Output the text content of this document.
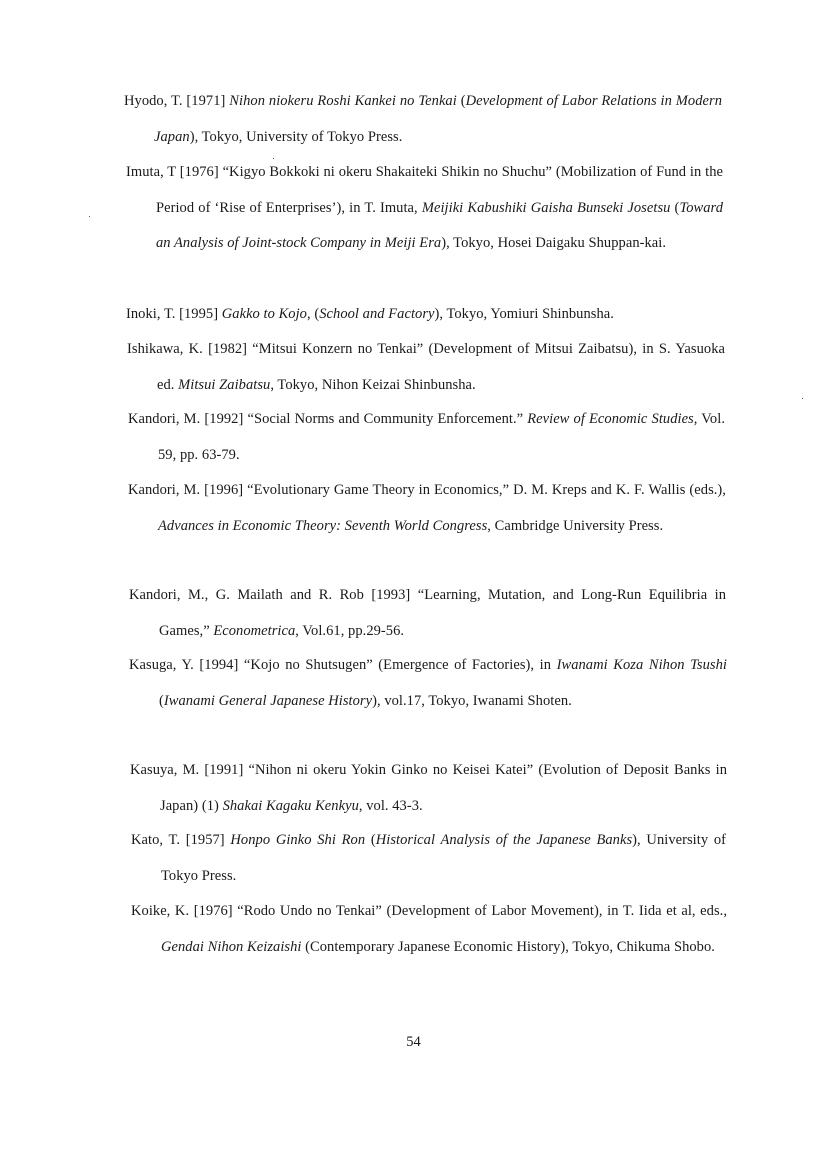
Hyodo, T. [1971] Nihon niokeru Roshi Kankei no Tenkai (Development of Labor Relations in Modern Japan), Tokyo, University of Tokyo Press.
Imuta, T [1976] “Kigyo Bokkoki ni okeru Shakaiteki Shikin no Shuchu” (Mobilization of Fund in the Period of ‘Rise of Enterprises’), in T. Imuta, Meijiki Kabushiki Gaisha Bunseki Josetsu (Toward an Analysis of Joint-stock Company in Meiji Era), Tokyo, Hosei Daigaku Shuppan-kai.
Inoki, T. [1995] Gakko to Kojo, (School and Factory), Tokyo, Yomiuri Shinbunsha.
Ishikawa, K. [1982] “Mitsui Konzern no Tenkai” (Development of Mitsui Zaibatsu), in S. Yasuoka ed. Mitsui Zaibatsu, Tokyo, Nihon Keizai Shinbunsha.
Kandori, M. [1992] “Social Norms and Community Enforcement.” Review of Economic Studies, Vol. 59, pp. 63-79.
Kandori, M. [1996] “Evolutionary Game Theory in Economics,” D. M. Kreps and K. F. Wallis (eds.), Advances in Economic Theory: Seventh World Congress, Cambridge University Press.
Kandori, M., G. Mailath and R. Rob [1993] “Learning, Mutation, and Long-Run Equilibria in Games,” Econometrica, Vol.61, pp.29-56.
Kasuga, Y. [1994] “Kojo no Shutsugen” (Emergence of Factories), in Iwanami Koza Nihon Tsushi (Iwanami General Japanese History), vol.17, Tokyo, Iwanami Shoten.
Kasuya, M. [1991] “Nihon ni okeru Yokin Ginko no Keisei Katei” (Evolution of Deposit Banks in Japan) (1) Shakai Kagaku Kenkyu, vol. 43-3.
Kato, T. [1957] Honpo Ginko Shi Ron (Historical Analysis of the Japanese Banks), University of Tokyo Press.
Koike, K. [1976] “Rodo Undo no Tenkai” (Development of Labor Movement), in T. Iida et al, eds., Gendai Nihon Keizaishi (Contemporary Japanese Economic History), Tokyo, Chikuma Shobo.
54
